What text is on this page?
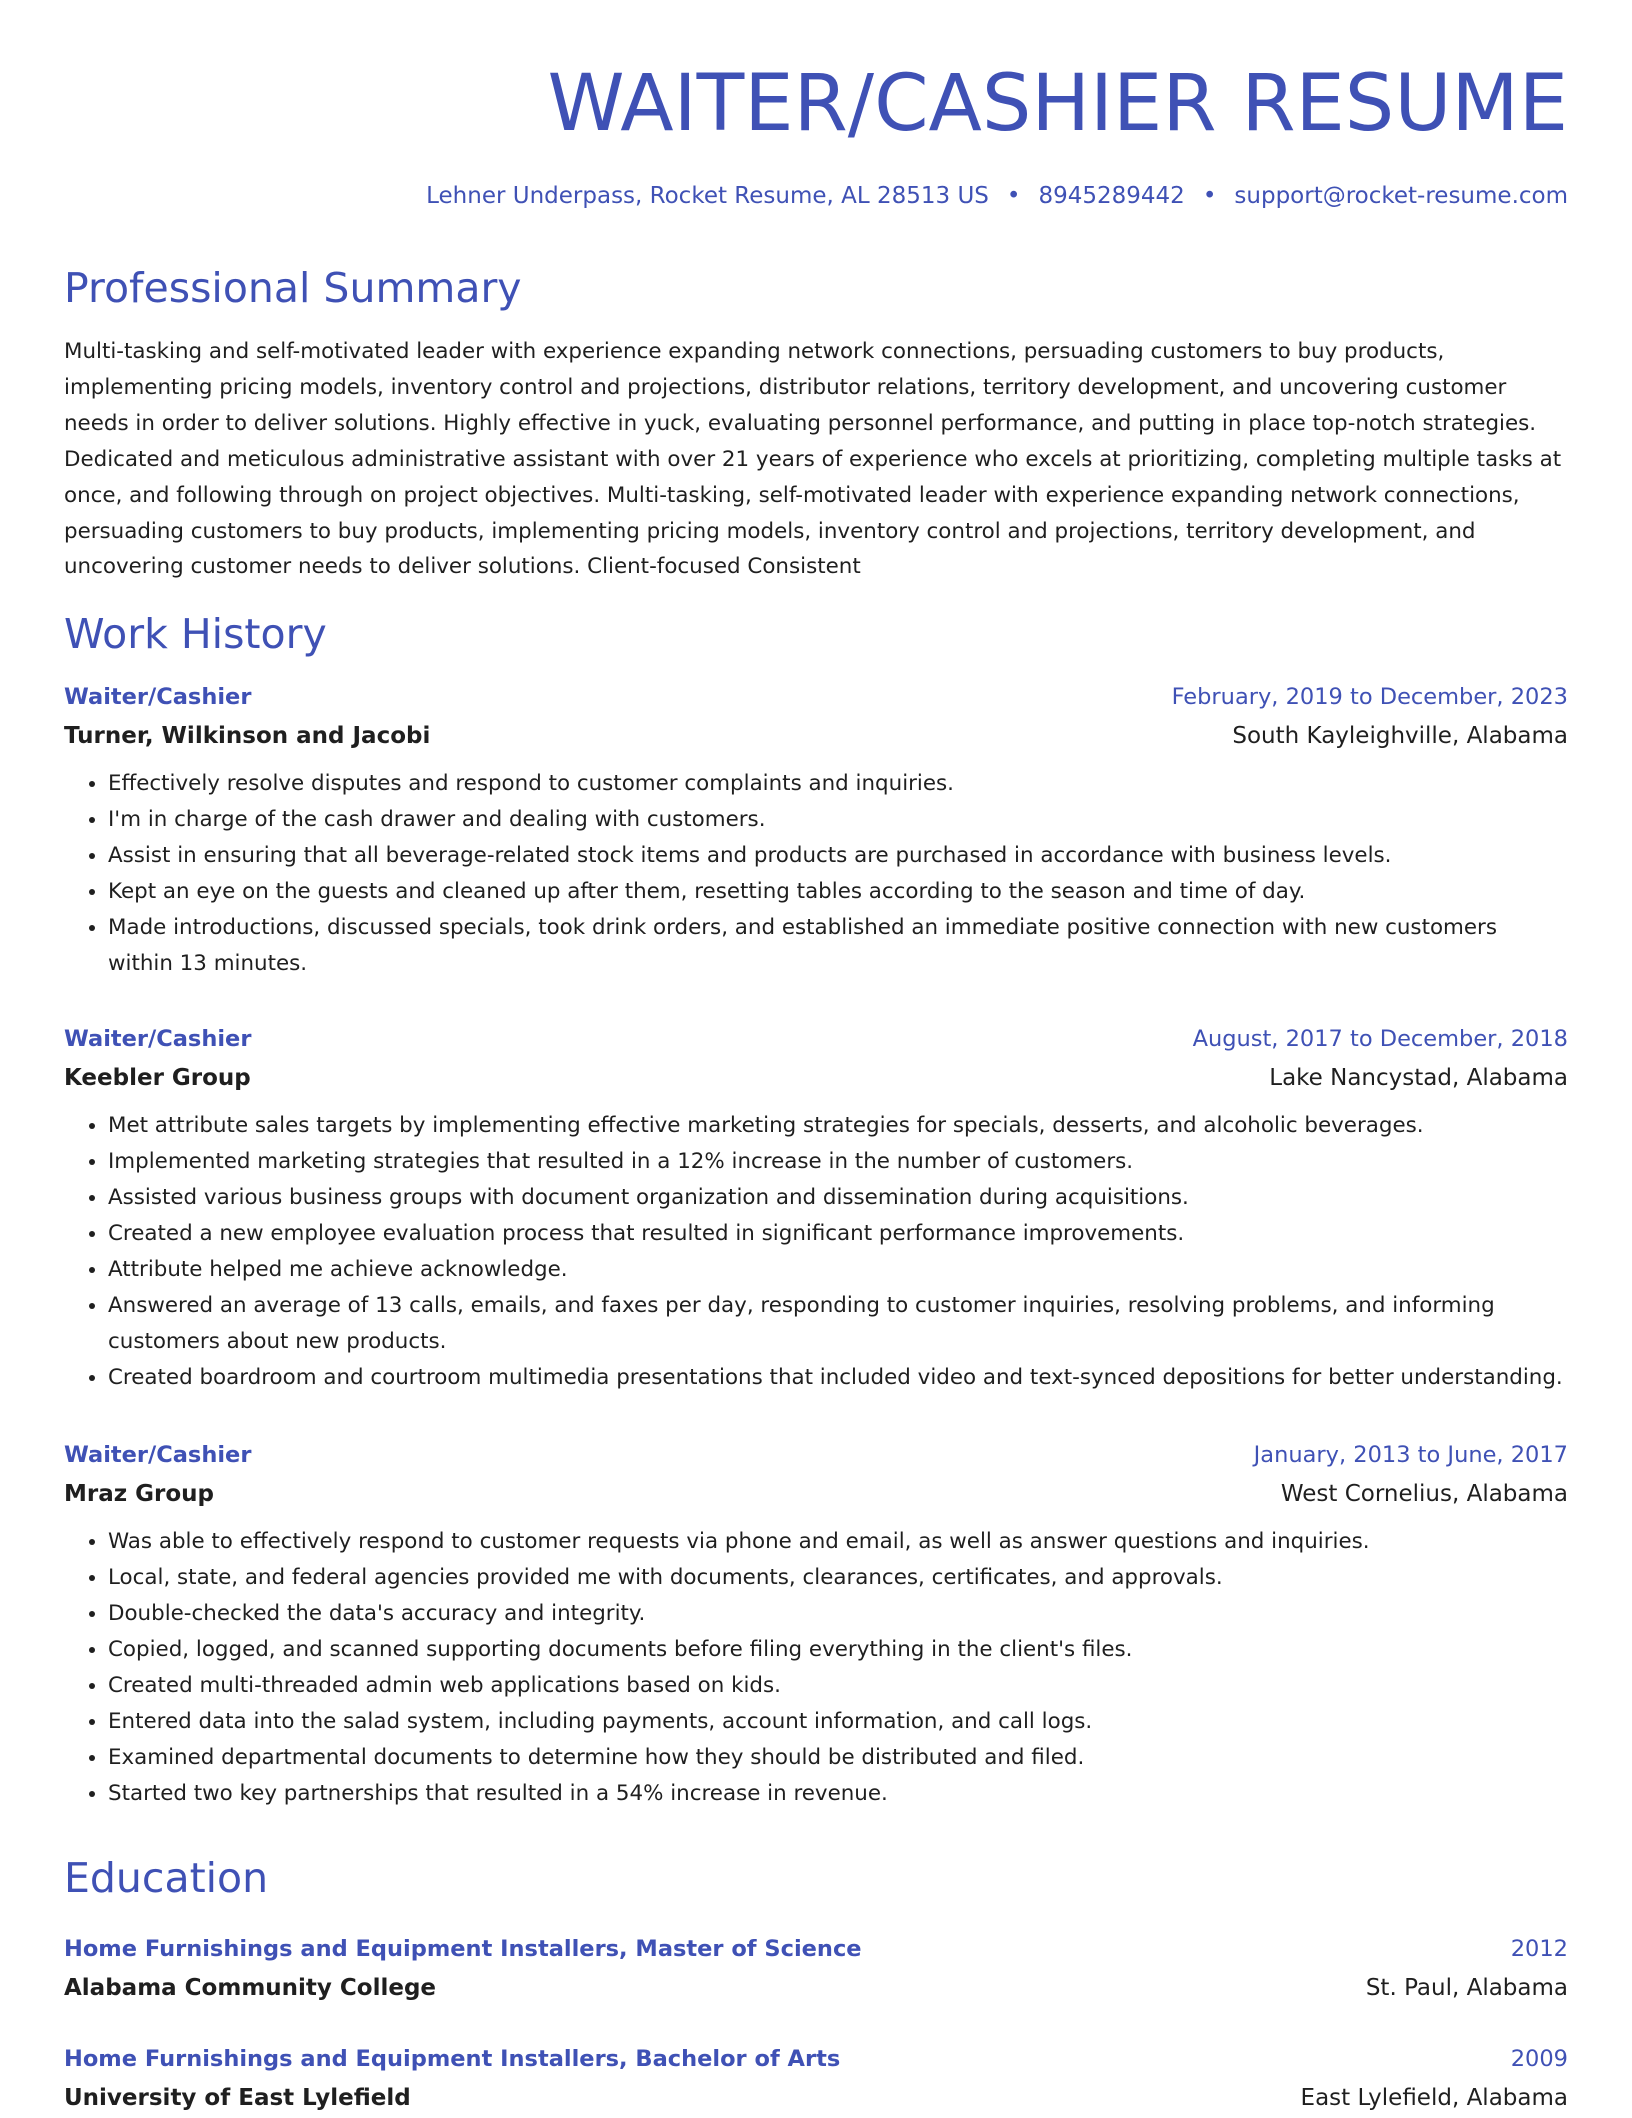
WAITER/CASHIER RESUME
Lehner Underpass, Rocket Resume, AL 28513 US • 8945289442 • support@rocket-resume.com
Professional Summary

Multi-tasking and self-motivated leader with experience expanding network connections, persuading customers to buy products, implementing pricing models, inventory control and projections, distributor relations, territory development, and uncovering customer needs in order to deliver solutions. Highly effective in yuck, evaluating personnel performance, and putting in place top-notch strategies. Dedicated and meticulous administrative assistant with over 21 years of experience who excels at prioritizing, completing multiple tasks at once, and following through on project objectives. Multi-tasking, self-motivated leader with experience expanding network connections, persuading customers to buy products, implementing pricing models, inventory control and projections, territory development, and uncovering customer needs to deliver solutions. Client-focused Consistent

Work History
Waiter/Cashier	February, 2019 to December, 2023
Turner, Wilkinson and Jacobi	South Kayleighville, Alabama
• Effectively resolve disputes and respond to customer complaints and inquiries.
• I'm in charge of the cash drawer and dealing with customers.
• Assist in ensuring that all beverage-related stock items and products are purchased in accordance with business levels.
• Kept an eye on the guests and cleaned up after them, resetting tables according to the season and time of day.
• Made introductions, discussed specials, took drink orders, and established an immediate positive connection with new customers within 13 minutes.
Waiter/Cashier	August, 2017 to December, 2018
Keebler Group	Lake Nancystad, Alabama
• Met attribute sales targets by implementing effective marketing strategies for specials, desserts, and alcoholic beverages.
• Implemented marketing strategies that resulted in a 12% increase in the number of customers.
• Assisted various business groups with document organization and dissemination during acquisitions.
• Created a new employee evaluation process that resulted in significant performance improvements.
• Attribute helped me achieve acknowledge.
• Answered an average of 13 calls, emails, and faxes per day, responding to customer inquiries, resolving problems, and informing customers about new products.
• Created boardroom and courtroom multimedia presentations that included video and text-synced depositions for better understanding.
Waiter/Cashier	January, 2013 to June, 2017
Mraz Group	West Cornelius, Alabama
• Was able to effectively respond to customer requests via phone and email, as well as answer questions and inquiries.
• Local, state, and federal agencies provided me with documents, clearances, certificates, and approvals.
• Double-checked the data's accuracy and integrity.
• Copied, logged, and scanned supporting documents before filing everything in the client's files.
• Created multi-threaded admin web applications based on kids.
• Entered data into the salad system, including payments, account information, and call logs.
• Examined departmental documents to determine how they should be distributed and filed.
• Started two key partnerships that resulted in a 54% increase in revenue.
Education
Home Furnishings and Equipment Installers, Master of Science	2012
Alabama Community College	St. Paul, Alabama
Home Furnishings and Equipment Installers, Bachelor of Arts	2009
University of East Lylefield	East Lylefield, Alabama
